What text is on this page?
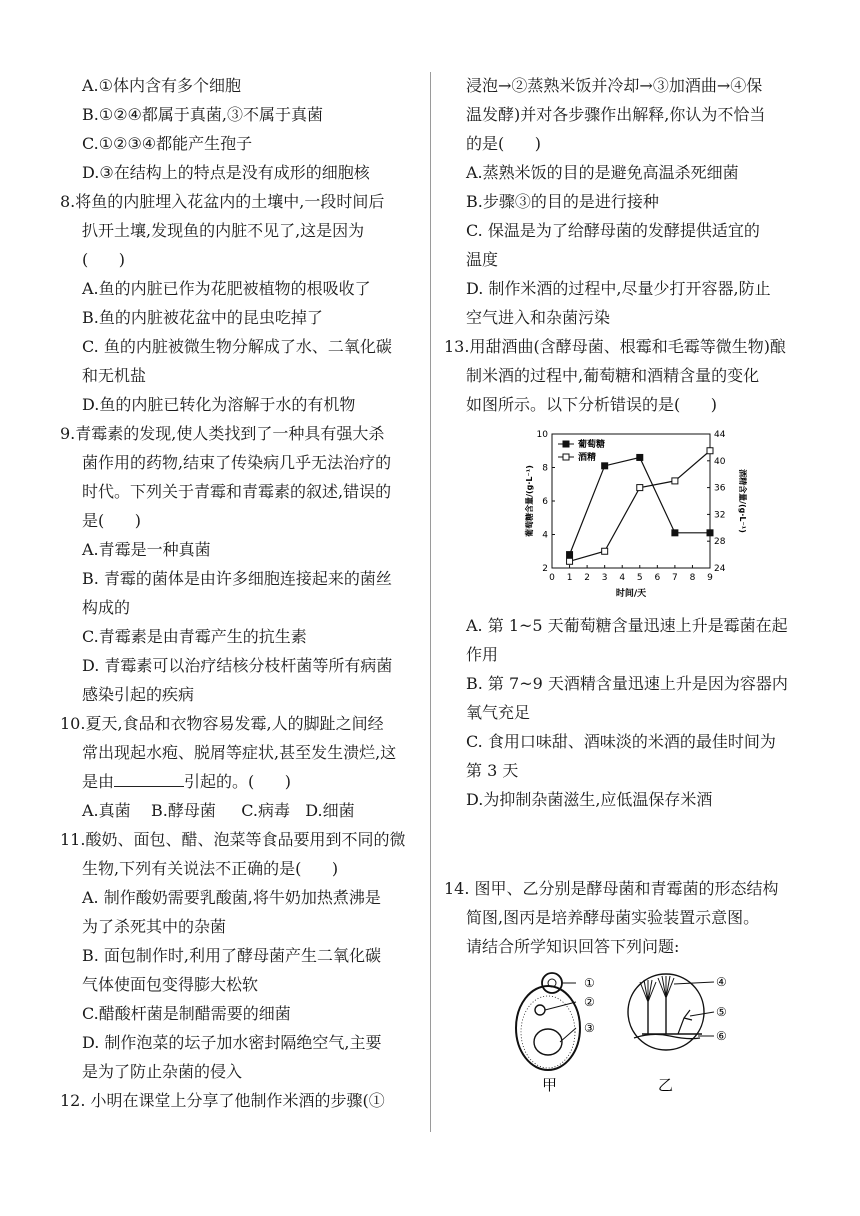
A.①体内含有多个细胞
B.①②④都属于真菌,③不属于真菌
C.①②③④都能产生孢子
D.③在结构上的特点是没有成形的细胞核
8.将鱼的内脏埋入花盆内的土壤中,一段时间后
扒开土壤,发现鱼的内脏不见了,这是因为
(      )
A.鱼的内脏已作为花肥被植物的根吸收了
B.鱼的内脏被花盆中的昆虫吃掉了
C. 鱼的内脏被微生物分解成了水、二氧化碳
和无机盐
D.鱼的内脏已转化为溶解于水的有机物
9.青霉素的发现,使人类找到了一种具有强大杀
菌作用的药物,结束了传染病几乎无法治疗的
时代。下列关于青霉和青霉素的叙述,错误的
是(      )
A.青霉是一种真菌
B. 青霉的菌体是由许多细胞连接起来的菌丝
构成的
C.青霉素是由青霉产生的抗生素
D. 青霉素可以治疗结核分枝杆菌等所有病菌
感染引起的疾病
10.夏天,食品和衣物容易发霉,人的脚趾之间经
常出现起水疱、脱屑等症状,甚至发生溃烂,这
是由	引起的。(      )
A.真菌    B.酵母菌     C.病毒   D.细菌
11.酸奶、面包、醋、泡菜等食品要用到不同的微
生物,下列有关说法不正确的是(      )
A. 制作酸奶需要乳酸菌,将牛奶加热煮沸是
为了杀死其中的杂菌
B. 面包制作时,利用了酵母菌产生二氧化碳
气体使面包变得膨大松软
C.醋酸杆菌是制醋需要的细菌
D. 制作泡菜的坛子加水密封隔绝空气,主要
是为了防止杂菌的侵入
12. 小明在课堂上分享了他制作米酒的步骤(①
浸泡→②蒸熟米饭并冷却→③加酒曲→④保
温发酵)并对各步骤作出解释,你认为不恰当
的是(      )
A.蒸熟米饭的目的是避免高温杀死细菌
B.步骤③的目的是进行接种
C. 保温是为了给酵母菌的发酵提供适宜的
温度
D. 制作米酒的过程中,尽量少打开容器,防止
空气进入和杂菌污染
13.用甜酒曲(含酵母菌、根霉和毛霉等微生物)酿
制米酒的过程中,葡萄糖和酒精含量的变化
如图所示。以下分析错误的是(      )
0 1 2 3 4 5 6 7 8 9
2
4
6
8
10
24
28
32
36
40
44
时间/天
葡萄糖含量/(g·L⁻¹)	酒精含量/(g·L⁻¹)
葡萄糖
酒精
A. 第 1~5 天葡萄糖含量迅速上升是霉菌在起
作用
B. 第 7~9 天酒精含量迅速上升是因为容器内
氧气充足
C. 食用口味甜、酒味淡的米酒的最佳时间为
第 3 天
D.为抑制杂菌滋生,应低温保存米酒
14. 图甲、乙分别是酵母菌和青霉菌的形态结构
简图,图丙是培养酵母菌实验装置示意图。
请结合所学知识回答下列问题:
①
②
③
④
⑤
⑥
甲	乙
